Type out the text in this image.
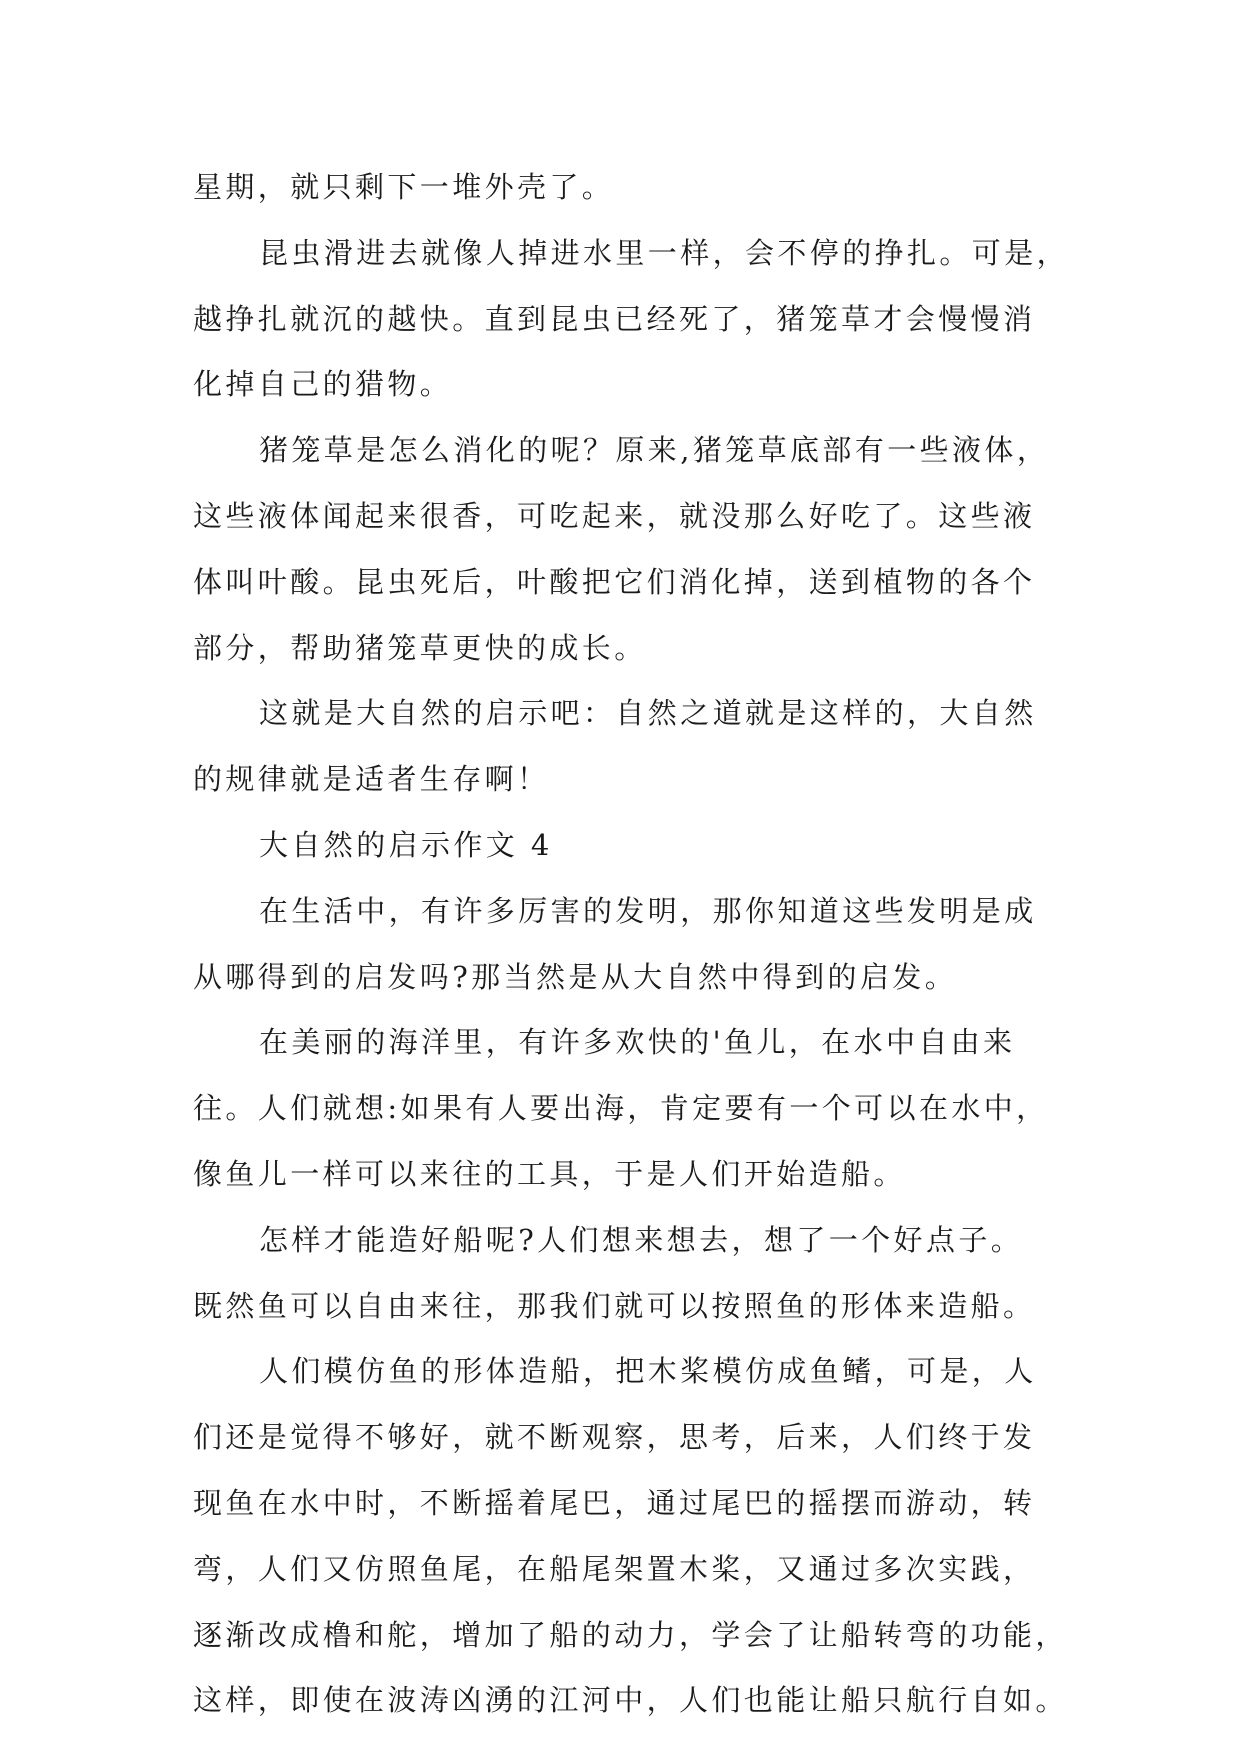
星期，就只剩下一堆外壳了。
昆虫滑进去就像人掉进水里一样，会不停的挣扎。可是，
越挣扎就沉的越快。直到昆虫已经死了，猪笼草才会慢慢消
化掉自己的猎物。
猪笼草是怎么消化的呢？原来,猪笼草底部有一些液体，
这些液体闻起来很香，可吃起来，就没那么好吃了。这些液
体叫叶酸。昆虫死后，叶酸把它们消化掉，送到植物的各个
部分，帮助猪笼草更快的成长。
这就是大自然的启示吧：自然之道就是这样的，大自然
的规律就是适者生存啊！
大自然的启示作文 4
在生活中，有许多厉害的发明，那你知道这些发明是成
从哪得到的启发吗?那当然是从大自然中得到的启发。
在美丽的海洋里，有许多欢快的'鱼儿，在水中自由来
往。人们就想:如果有人要出海，肯定要有一个可以在水中，
像鱼儿一样可以来往的工具，于是人们开始造船。
怎样才能造好船呢?人们想来想去，想了一个好点子。
既然鱼可以自由来往，那我们就可以按照鱼的形体来造船。
人们模仿鱼的形体造船，把木桨模仿成鱼鳍，可是，人
们还是觉得不够好，就不断观察，思考，后来，人们终于发
现鱼在水中时，不断摇着尾巴，通过尾巴的摇摆而游动，转
弯，人们又仿照鱼尾，在船尾架置木桨，又通过多次实践，
逐渐改成橹和舵，增加了船的动力，学会了让船转弯的功能，
这样，即使在波涛凶湧的江河中，人们也能让船只航行自如。
